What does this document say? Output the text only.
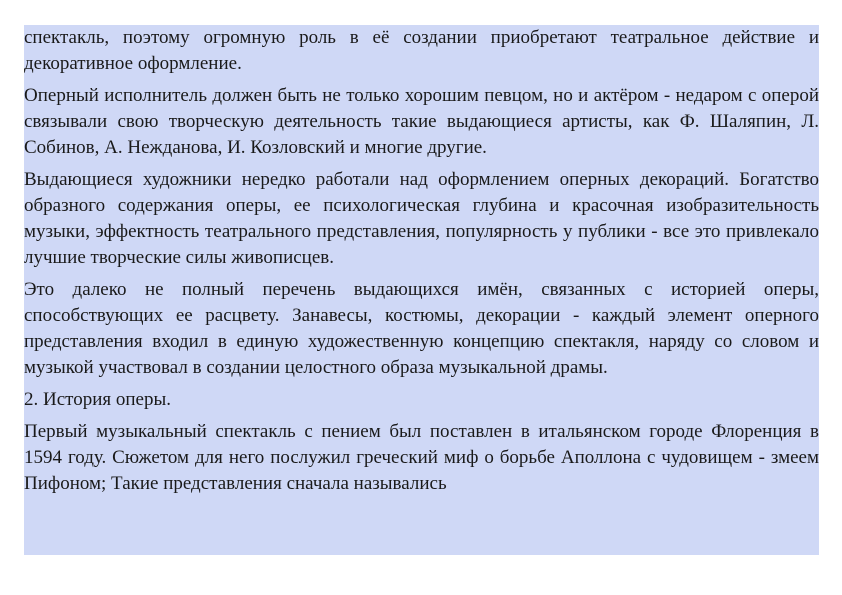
спектакль, поэтому огромную роль в её создании приобретают театральное действие и декоративное оформление.

Оперный исполнитель должен быть не только хорошим певцом, но и актёром - недаром с оперой связывали свою творческую деятельность такие выдающиеся артисты, как Ф. Шаляпин, Л. Собинов, А. Нежданова, И. Козловский и многие другие.

Выдающиеся художники нередко работали над оформлением оперных декораций. Богатство образного содержания оперы, ее психологическая глубина и красочная изобразительность музыки, эффектность театрального представления, популярность у публики - все это привлекало лучшие творческие силы живописцев.

Это далеко не полный перечень выдающихся имён, связанных с историей оперы, способствующих ее расцвету. Занавесы, костюмы, декорации - каждый элемент оперного представления входил в единую художественную концепцию спектакля, наряду со словом и музыкой участвовал в создании целостного образа музыкальной драмы.

2. История оперы.

Первый музыкальный спектакль с пением был поставлен в итальянском городе Флоренция в 1594 году. Сюжетом для него послужил греческий миф о борьбе Аполлона с чудовищем - змеем Пифоном; Такие представления сначала назывались
